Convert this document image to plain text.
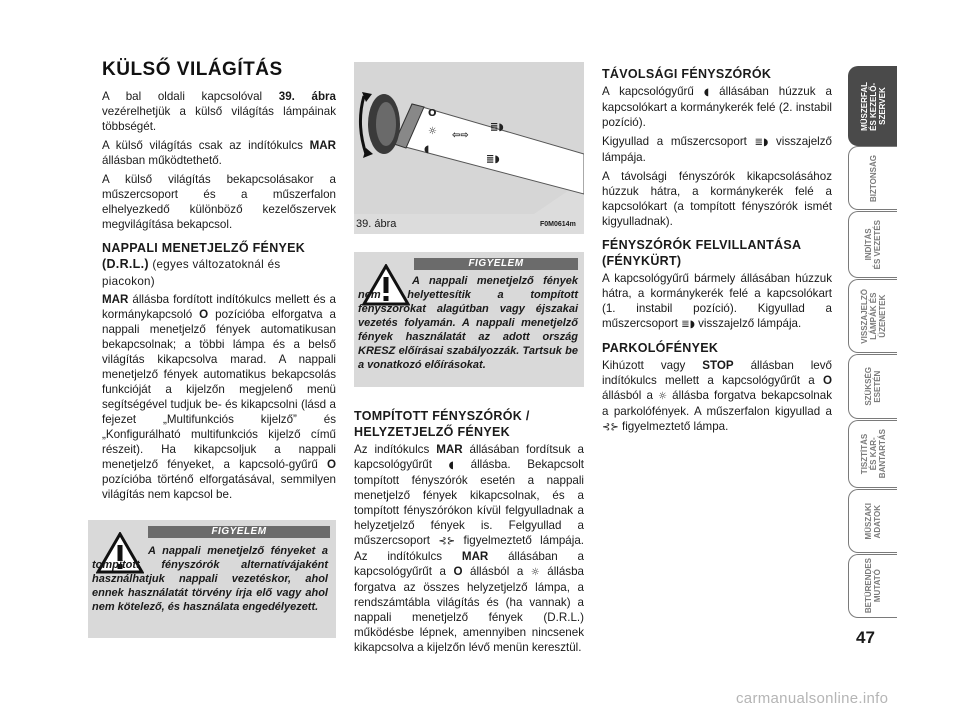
KÜLSŐ VILÁGÍTÁS

A bal oldali kapcsolóval 39. ábra vezérelhetjük a külső világítás lámpáinak többségét.

A külső világítás csak az indítókulcs MAR állásban működtethető.

A külső világítás bekapcsolásakor a műszercsoport és a műszerfalon elhelyezkedő különböző kezelőszervek megvilágítása bekapcsol.

NAPPALI MENETJELZŐ FÉNYEK (D.R.L.) (egyes változatoknál és piacokon)

MAR állásba fordított indítókulcs mellett és a kormánykapcsoló O pozícióba elforgatva a nappali menetjelző fények automatikusan bekapcsolnak; a többi lámpa és a belső világítás kikapcsolva marad. A nappali menetjelző fények automatikus bekapcsolás funkcióját a kijelzőn megjelenő menü segítségével tudjuk be- és kikapcsolni (lásd a fejezet „Multifunkciós kijelző” és „Konfigurálható multifunkciós kijelző című részeit). Ha kikapcsoljuk a nappali menetjelző fényeket, a kapcsoló-gyűrű O pozícióba történő elforgatásával, semmilyen világítás nem kapcsol be.

O
☼
◖
⇦⇨
≣◗
≣◗
39. ábra	F0M0614m
FIGYELEM
A nappali menetjelző fények nem helyettesítik a tompított fényszórókat alagútban vagy éjszakai vezetés folyamán. A nappali menetjelző fények használatát az adott ország KRESZ előírásai szabályozzák. Tartsuk be a vonatkozó előírásokat.
FIGYELEM
A nappali menetjelző fényeket a tompított fényszórók alternatívájaként használhatjuk nappali vezetéskor, ahol ennek használatát törvény írja elő vagy ahol nem kötelező, és használata engedélyezett.
TOMPÍTOTT FÉNYSZÓRÓK / HELYZETJELZŐ FÉNYEK

Az indítókulcs MAR állásában fordítsuk a kapcsológyűrűt ◖ állásba. Bekapcsolt tompított fényszórók esetén a nappali menetjelző fények kikapcsolnak, és a tompított fényszórókon kívül felgyulladnak a helyzetjelző fények is. Felgyullad a műszercsoport ⊰⊱ figyelmeztető lámpája. Az indítókulcs MAR állásában a kapcsológyűrűt a O állásból a ☼ állásba forgatva az összes helyzetjelző lámpa, a rendszámtábla világítás és (ha vannak) a nappali menetjelző fények (D.R.L.) működésbe lépnek, amennyiben nincsenek kikapcsolva a kijelzőn lévő menün keresztül.

TÁVOLSÁGI FÉNYSZÓRÓK

A kapcsológyűrű ◖ állásában húzzuk a kapcsolókart a kormánykerék felé (2. instabil pozíció).

Kigyullad a műszercsoport ≣◗ visszajelző lámpája.

A távolsági fényszórók kikapcsolásához húzzuk hátra, a kormánykerék felé a kapcsolókart (a tompított fényszórók ismét kigyulladnak).

FÉNYSZÓRÓK FELVILLANTÁSA (FÉNYKÜRT)

A kapcsológyűrű bármely állásában húzzuk hátra, a kormánykerék felé a kapcsolókart (1. instabil pozíció). Kigyullad a műszercsoport ≣◗ visszajelző lámpája.

PARKOLÓFÉNYEK

Kihúzott vagy STOP állásban levő indítókulcs mellett a kapcsológyűrűt a O állásból a ☼ állásba forgatva bekapcsolnak a parkolófények. A műszerfalon kigyullad a ⊰⊱ figyelmeztető lámpa.

MŰSZERFAL
ÉS KEZELŐ-
SZERVEK
BIZTONSÁG
INDÍTÁS
ÉS VEZETÉS
VISSZAJELZŐ
LÁMPÁK ÉS
ÜZENETEK
SZÜKSÉG
ESETÉN
TISZTÍTÁS
ÉS KAR-
BANTARTÁS
MŰSZAKI
ADATOK
BETŰRENDES
MUTATÓ
47
carmanualsonline.info
